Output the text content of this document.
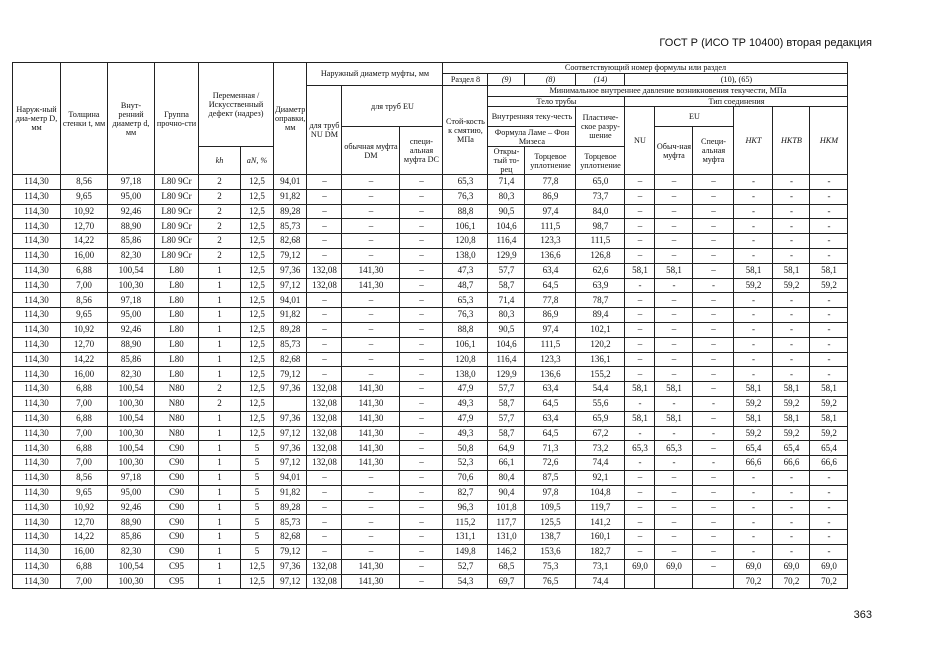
ГОСТ Р (ИСО ТР 10400) вторая редакция
Наруж-ный диа-метр D, мм	Толщина стенки t, мм	Внут-ренний диаметр d, мм	Группа прочно-сти	Переменная /Искусственный дефект (надрез)		Диаметр оправки, мм	Наружный диаметр муфты, мм			Соответствующий номер формулы или раздел									
										Раздел 8	(9)	(8)	(14)	(10), (65)					
							для труб NU DM	для труб EU		Стой-кость к смятию, МПа	Минимальное внутреннее давление возникновения текучести, МПа								
											Тело трубы			Тип соединения					
											Внутренняя теку-честь		Пластиче-ское разру-шение	NU	EU		НКТ	НКТВ	НКМ
								обычная муфта DM	специ-альная муфта DC		Формула Ламе – Фон Мизеса				Обыч-ная муфта	Специ-альная муфта			
				kh	aN, %						Откры-тый то-рец	Торцевое уплотнение	Торцевое уплотнение						
114,30	8,56	97,18	L80 9Cr	2	12,5	94,01	–	–	–	65,3	71,4	77,8	65,0	–	–	–	-	-	-
114,30	9,65	95,00	L80 9Cr	2	12,5	91,82	–	–	–	76,3	80,3	86,9	73,7	–	–	–	-	-	-
114,30	10,92	92,46	L80 9Cr	2	12,5	89,28	–	–	–	88,8	90,5	97,4	84,0	–	–	–	-	-	-
114,30	12,70	88,90	L80 9Cr	2	12,5	85,73	–	–	–	106,1	104,6	111,5	98,7	–	–	–	-	-	-
114,30	14,22	85,86	L80 9Cr	2	12,5	82,68	–	–	–	120,8	116,4	123,3	111,5	–	–	–	-	-	-
114,30	16,00	82,30	L80 9Cr	2	12,5	79,12	–	–	–	138,0	129,9	136,6	126,8	–	–	–	-	-	-
114,30	6,88	100,54	L80	1	12,5	97,36	132,08	141,30	–	47,3	57,7	63,4	62,6	58,1	58,1	–	58,1	58,1	58,1
114,30	7,00	100,30	L80	1	12,5	97,12	132,08	141,30	–	48,7	58,7	64,5	63,9	-	-	-	59,2	59,2	59,2
114,30	8,56	97,18	L80	1	12,5	94,01	–	–	–	65,3	71,4	77,8	78,7	–	–	–	-	-	-
114,30	9,65	95,00	L80	1	12,5	91,82	–	–	–	76,3	80,3	86,9	89,4	–	–	–	-	-	-
114,30	10,92	92,46	L80	1	12,5	89,28	–	–	–	88,8	90,5	97,4	102,1	–	–	–	-	-	-
114,30	12,70	88,90	L80	1	12,5	85,73	–	–	–	106,1	104,6	111,5	120,2	–	–	–	-	-	-
114,30	14,22	85,86	L80	1	12,5	82,68	–	–	–	120,8	116,4	123,3	136,1	–	–	–	-	-	-
114,30	16,00	82,30	L80	1	12,5	79,12	–	–	–	138,0	129,9	136,6	155,2	–	–	–	-	-	-
114,30	6,88	100,54	N80	2	12,5	97,36	132,08	141,30	–	47,9	57,7	63,4	54,4	58,1	58,1	–	58,1	58,1	58,1
114,30	7,00	100,30	N80	2	12,5		132,08	141,30	–	49,3	58,7	64,5	55,6	-	-	-	59,2	59,2	59,2
114,30	6,88	100,54	N80	1	12,5	97,36	132,08	141,30	–	47,9	57,7	63,4	65,9	58,1	58,1	–	58,1	58,1	58,1
114,30	7,00	100,30	N80	1	12,5	97,12	132,08	141,30	–	49,3	58,7	64,5	67,2	-	-	-	59,2	59,2	59,2
114,30	6,88	100,54	C90	1	5	97,36	132,08	141,30	–	50,8	64,9	71,3	73,2	65,3	65,3	–	65,4	65,4	65,4
114,30	7,00	100,30	C90	1	5	97,12	132,08	141,30	–	52,3	66,1	72,6	74,4	-	-	-	66,6	66,6	66,6
114,30	8,56	97,18	C90	1	5	94,01	–	–	–	70,6	80,4	87,5	92,1	–	–	–	-	-	-
114,30	9,65	95,00	C90	1	5	91,82	–	–	–	82,7	90,4	97,8	104,8	–	–	–	-	-	-
114,30	10,92	92,46	C90	1	5	89,28	–	–	–	96,3	101,8	109,5	119,7	–	–	–	-	-	-
114,30	12,70	88,90	C90	1	5	85,73	–	–	–	115,2	117,7	125,5	141,2	–	–	–	-	-	-
114,30	14,22	85,86	C90	1	5	82,68	–	–	–	131,1	131,0	138,7	160,1	–	–	–	-	-	-
114,30	16,00	82,30	C90	1	5	79,12	–	–	–	149,8	146,2	153,6	182,7	–	–	–	-	-	-
114,30	6,88	100,54	C95	1	12,5	97,36	132,08	141,30	–	52,7	68,5	75,3	73,1	69,0	69,0	–	69,0	69,0	69,0
114,30	7,00	100,30	C95	1	12,5	97,12	132,08	141,30	–	54,3	69,7	76,5	74,4				70,2	70,2	70,2
363
